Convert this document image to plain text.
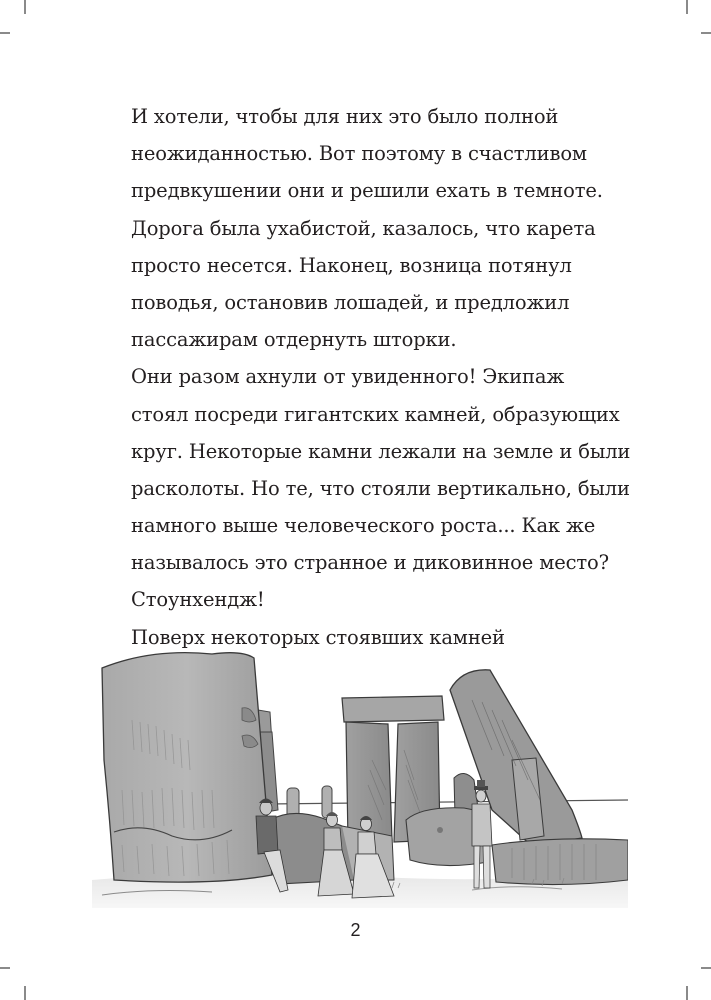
И хотели, чтобы для них это было полной
неожиданностью. Вот поэтому в счастливом
предвкушении они и решили ехать в темноте.
Дорога была ухабистой, казалось, что карета
просто несется. Наконец, возница потянул
поводья, остановив лошадей, и предложил
пассажирам отдернуть шторки.
Они разом ахнули от увиденного! Экипаж
стоял посреди гигантских камней, образующих
круг. Некоторые камни лежали на земле и были
расколоты. Но те, что стояли вертикально, были
намного выше человеческого роста... Как же
называлось это странное и диковинное место?
Стоунхендж!
Поверх некоторых стоявших камней
2
